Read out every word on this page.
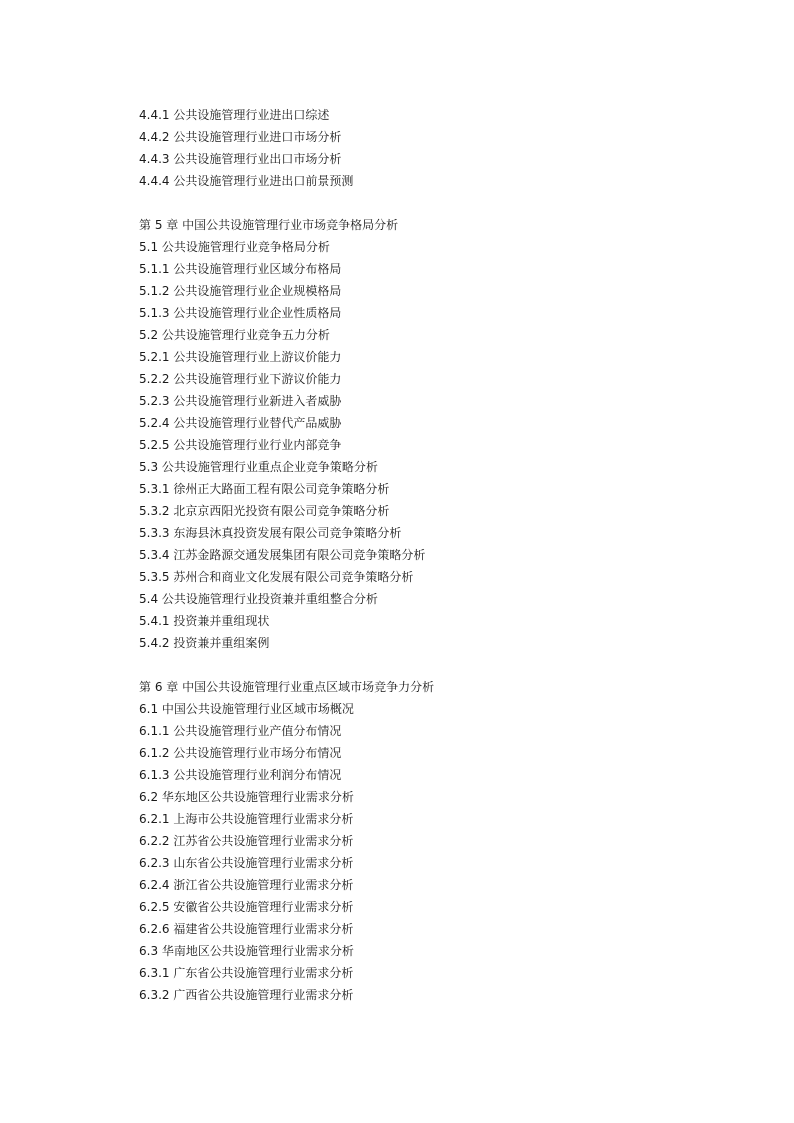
4.4.1 公共设施管理行业进出口综述
4.4.2 公共设施管理行业进口市场分析
4.4.3 公共设施管理行业出口市场分析
4.4.4 公共设施管理行业进出口前景预测
第 5 章 中国公共设施管理行业市场竞争格局分析
5.1 公共设施管理行业竞争格局分析
5.1.1 公共设施管理行业区域分布格局
5.1.2 公共设施管理行业企业规模格局
5.1.3 公共设施管理行业企业性质格局
5.2 公共设施管理行业竞争五力分析
5.2.1 公共设施管理行业上游议价能力
5.2.2 公共设施管理行业下游议价能力
5.2.3 公共设施管理行业新进入者威胁
5.2.4 公共设施管理行业替代产品威胁
5.2.5 公共设施管理行业行业内部竞争
5.3 公共设施管理行业重点企业竞争策略分析
5.3.1 徐州正大路面工程有限公司竞争策略分析
5.3.2 北京京西阳光投资有限公司竞争策略分析
5.3.3 东海县沐真投资发展有限公司竞争策略分析
5.3.4 江苏金路源交通发展集团有限公司竞争策略分析
5.3.5 苏州合和商业文化发展有限公司竞争策略分析
5.4 公共设施管理行业投资兼并重组整合分析
5.4.1 投资兼并重组现状
5.4.2 投资兼并重组案例
第 6 章 中国公共设施管理行业重点区域市场竞争力分析
6.1 中国公共设施管理行业区域市场概况
6.1.1 公共设施管理行业产值分布情况
6.1.2 公共设施管理行业市场分布情况
6.1.3 公共设施管理行业利润分布情况
6.2 华东地区公共设施管理行业需求分析
6.2.1 上海市公共设施管理行业需求分析
6.2.2 江苏省公共设施管理行业需求分析
6.2.3 山东省公共设施管理行业需求分析
6.2.4 浙江省公共设施管理行业需求分析
6.2.5 安徽省公共设施管理行业需求分析
6.2.6 福建省公共设施管理行业需求分析
6.3 华南地区公共设施管理行业需求分析
6.3.1 广东省公共设施管理行业需求分析
6.3.2 广西省公共设施管理行业需求分析
